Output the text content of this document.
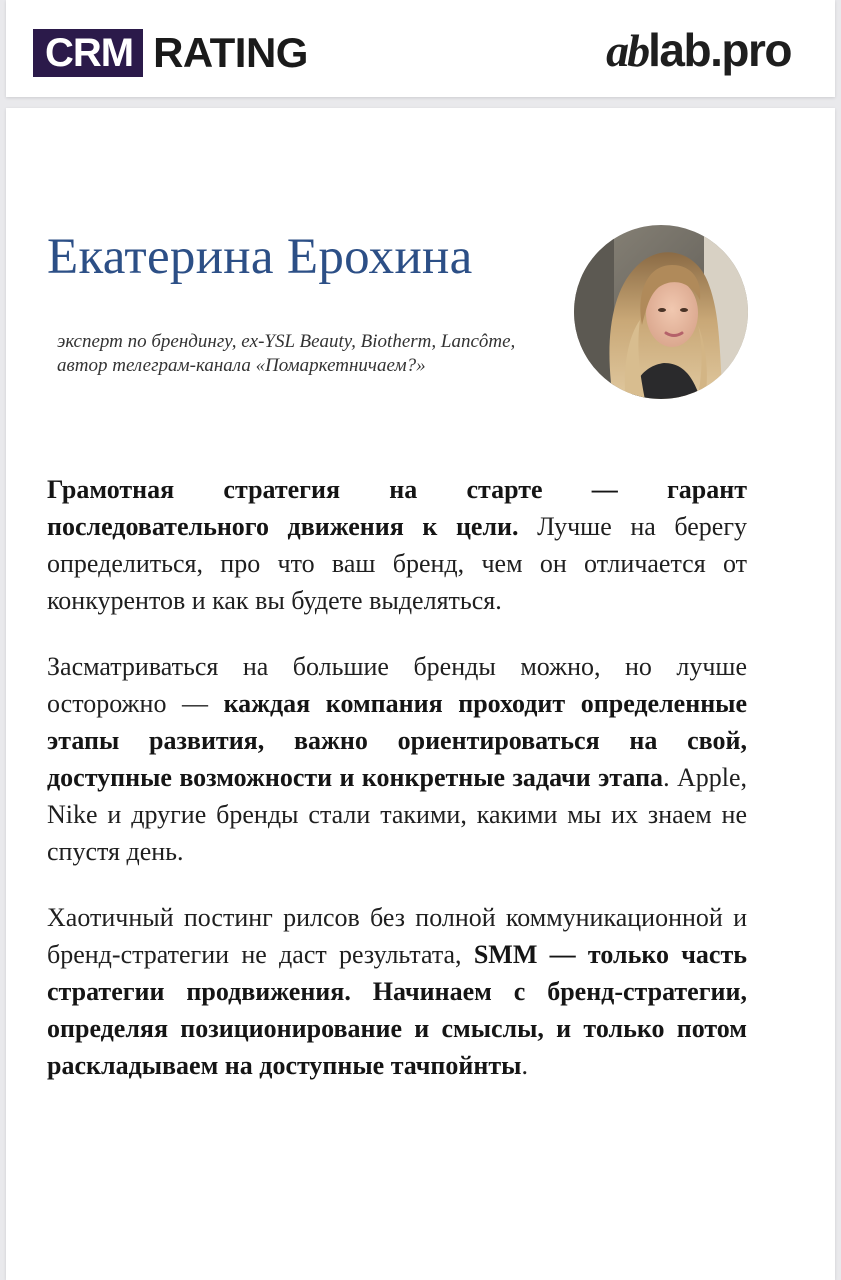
CRM RATING	ablab.pro
Екатерина Ерохина
эксперт по брендингу, ex-YSL Beauty, Biotherm, Lancôme, автор телеграм-канала «Помаркетничаем?»

Грамотная стратегия на старте — гарант последовательного движения к цели. Лучше на берегу определиться, про что ваш бренд, чем он отличается от конкурентов и как вы будете выделяться.

Засматриваться на большие бренды можно, но лучше осторожно — каждая компания проходит определенные этапы развития, важно ориентироваться на свой, доступные возможности и конкретные задачи этапа. Apple, Nike и другие бренды стали такими, какими мы их знаем не спустя день.

Хаотичный постинг рилсов без полной коммуникационной и бренд-стратегии не даст результата, SMM — только часть стратегии продвижения. Начинаем с бренд-стратегии, определяя позиционирование и смыслы, и только потом раскладываем на доступные тачпойнты.
